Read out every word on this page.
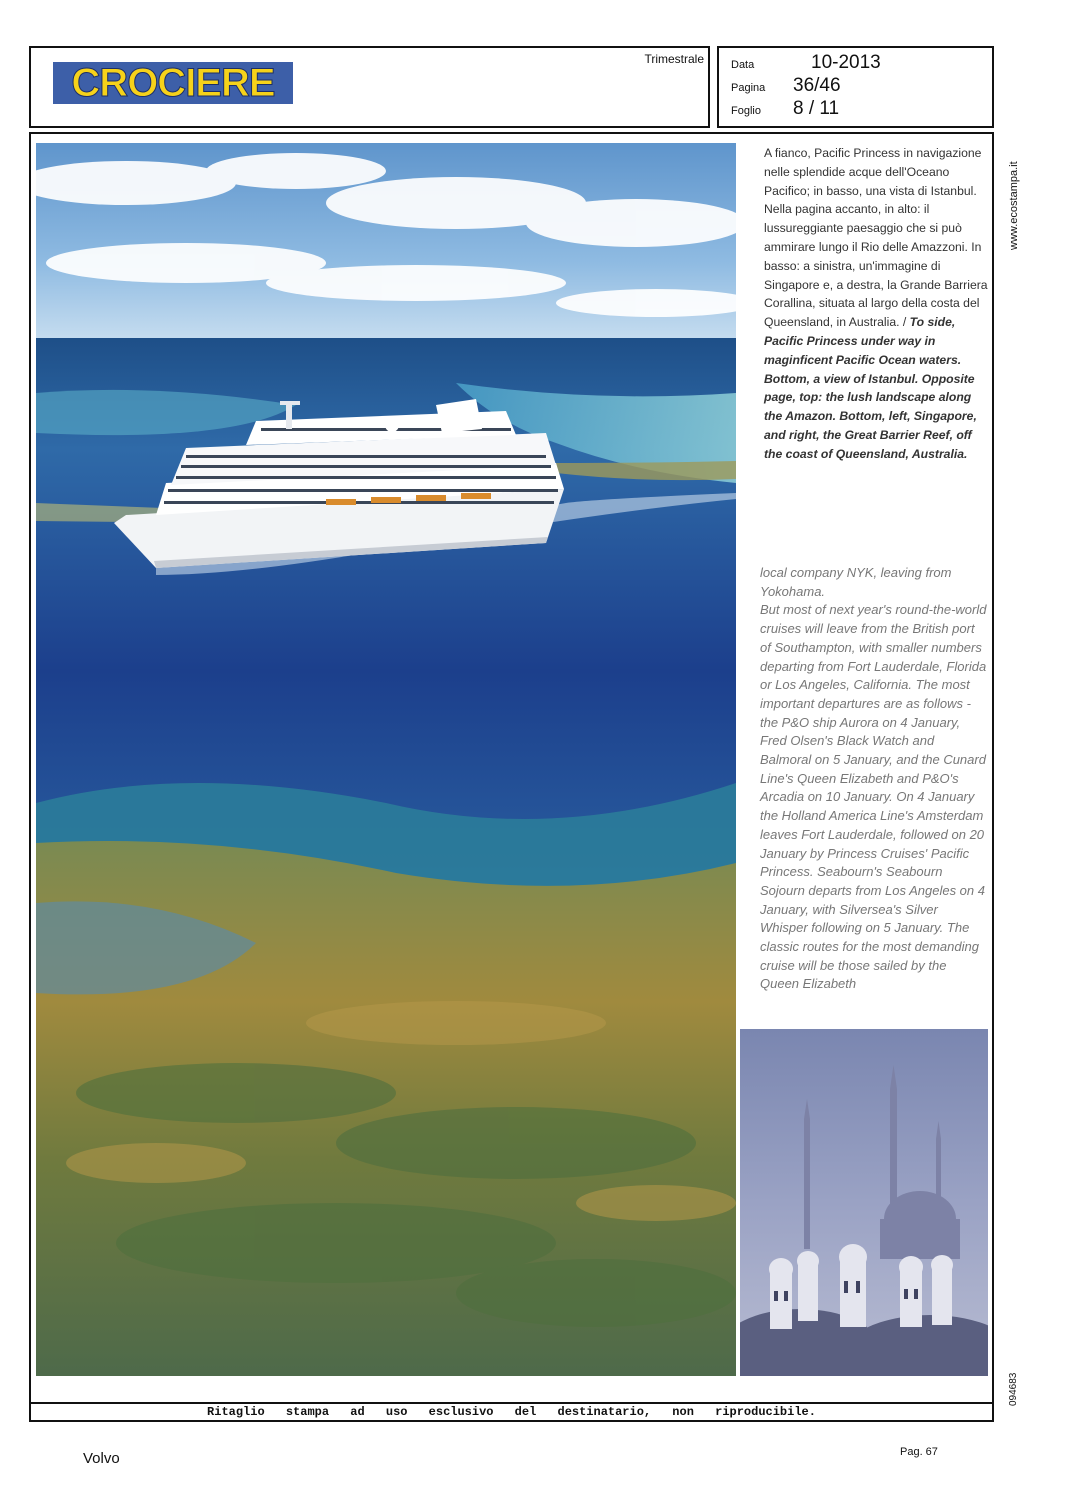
CROCIERE
Trimestrale Data	10-2013
Pagina	36/46
Foglio	8 / 11
Ritaglio stampa ad uso esclusivo del destinatario, non riproducibile.
A fianco, Pacific Princess in navigazione nelle splendide acque dell'Oceano Pacifico; in basso, una vista di Istanbul. Nella pagina accanto, in alto: il lussureggiante paesaggio che si può ammirare lungo il Rio delle Amazzoni. In basso: a sinistra, un'immagine di Singapore e, a destra, la Grande Barriera Corallina, situata al largo della costa del Queensland, in Australia. / To side, Pacific Princess under way in maginficent Pacific Ocean waters. Bottom, a view of Istanbul. Opposite page, top: the lush landscape along the Amazon. Bottom, left, Singapore, and right, the Great Barrier Reef, off the coast of Queensland, Australia.

local company NYK, leaving from Yokohama.

But most of next year's round-the-world cruises will leave from the British port of Southampton, with smaller numbers departing from Fort Lauderdale, Florida or Los Angeles, California. The most important departures are as follows - the P&O ship Aurora on 4 January, Fred Olsen's Black Watch and Balmoral on 5 January, and the Cunard Line's Queen Elizabeth and P&O's Arcadia on 10 January. On 4 January the Holland America Line's Amsterdam leaves Fort Lauderdale, followed on 20 January by Princess Cruises' Pacific Princess. Seabourn's Seabourn Sojourn departs from Los Angeles on 4 January, with Silversea's Silver Whisper following on 5 January. The classic routes for the most demanding cruise will be those sailed by the Queen Elizabeth

www.ecostampa.it
094683
Volvo	Pag. 67
